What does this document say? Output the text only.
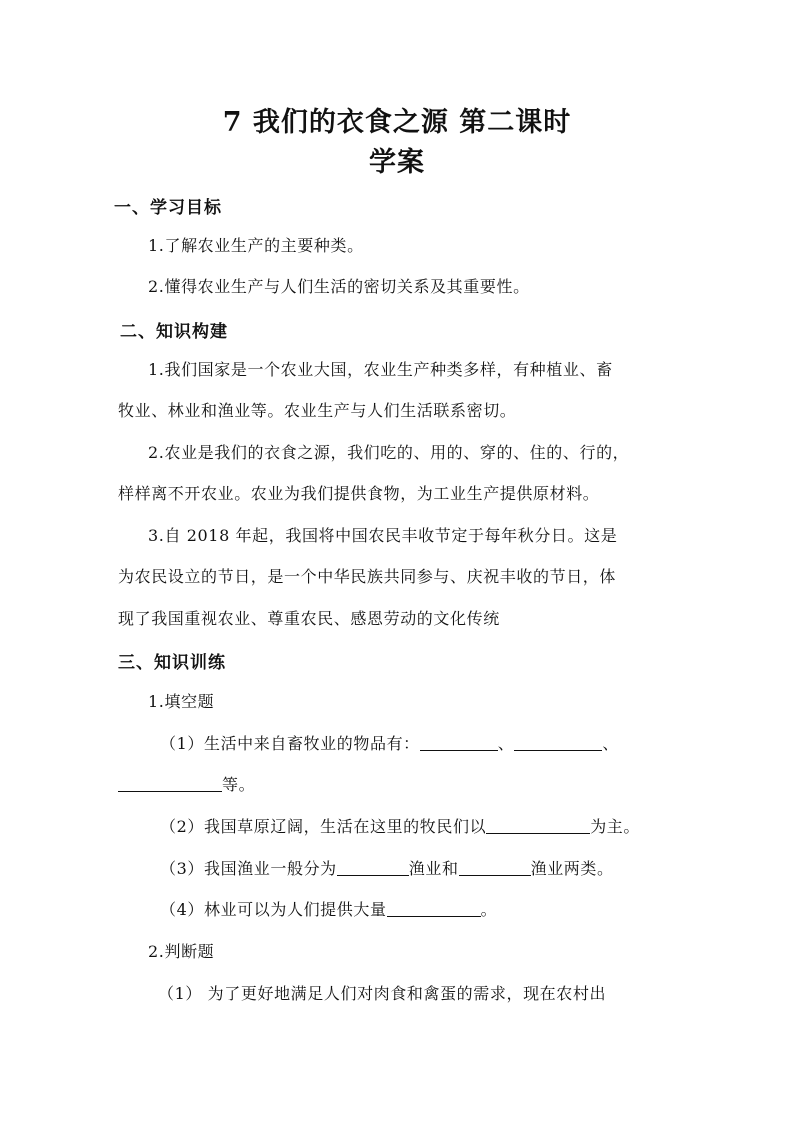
7 我们的衣食之源 第二课时
学案
一、学习目标
1.了解农业生产的主要种类。
2.懂得农业生产与人们生活的密切关系及其重要性。
二、知识构建
1.我们国家是一个农业大国，农业生产种类多样，有种植业、畜
牧业、林业和渔业等。农业生产与人们生活联系密切。
2.农业是我们的衣食之源，我们吃的、用的、穿的、住的、行的，
样样离不开农业。农业为我们提供食物，为工业生产提供原材料。
3.自 2018 年起，我国将中国农民丰收节定于每年秋分日。这是
为农民设立的节日，是一个中华民族共同参与、庆祝丰收的节日，体
现了我国重视农业、尊重农民、感恩劳动的文化传统
三、知识训练
1.填空题
（1）生活中来自畜牧业的物品有：	、	、
等。
（2）我国草原辽阔，生活在这里的牧民们以	为主。
（3）我国渔业一般分为	渔业和	渔业两类。
（4）林业可以为人们提供大量	。
2.判断题
（1） 为了更好地满足人们对肉食和禽蛋的需求，现在农村出
